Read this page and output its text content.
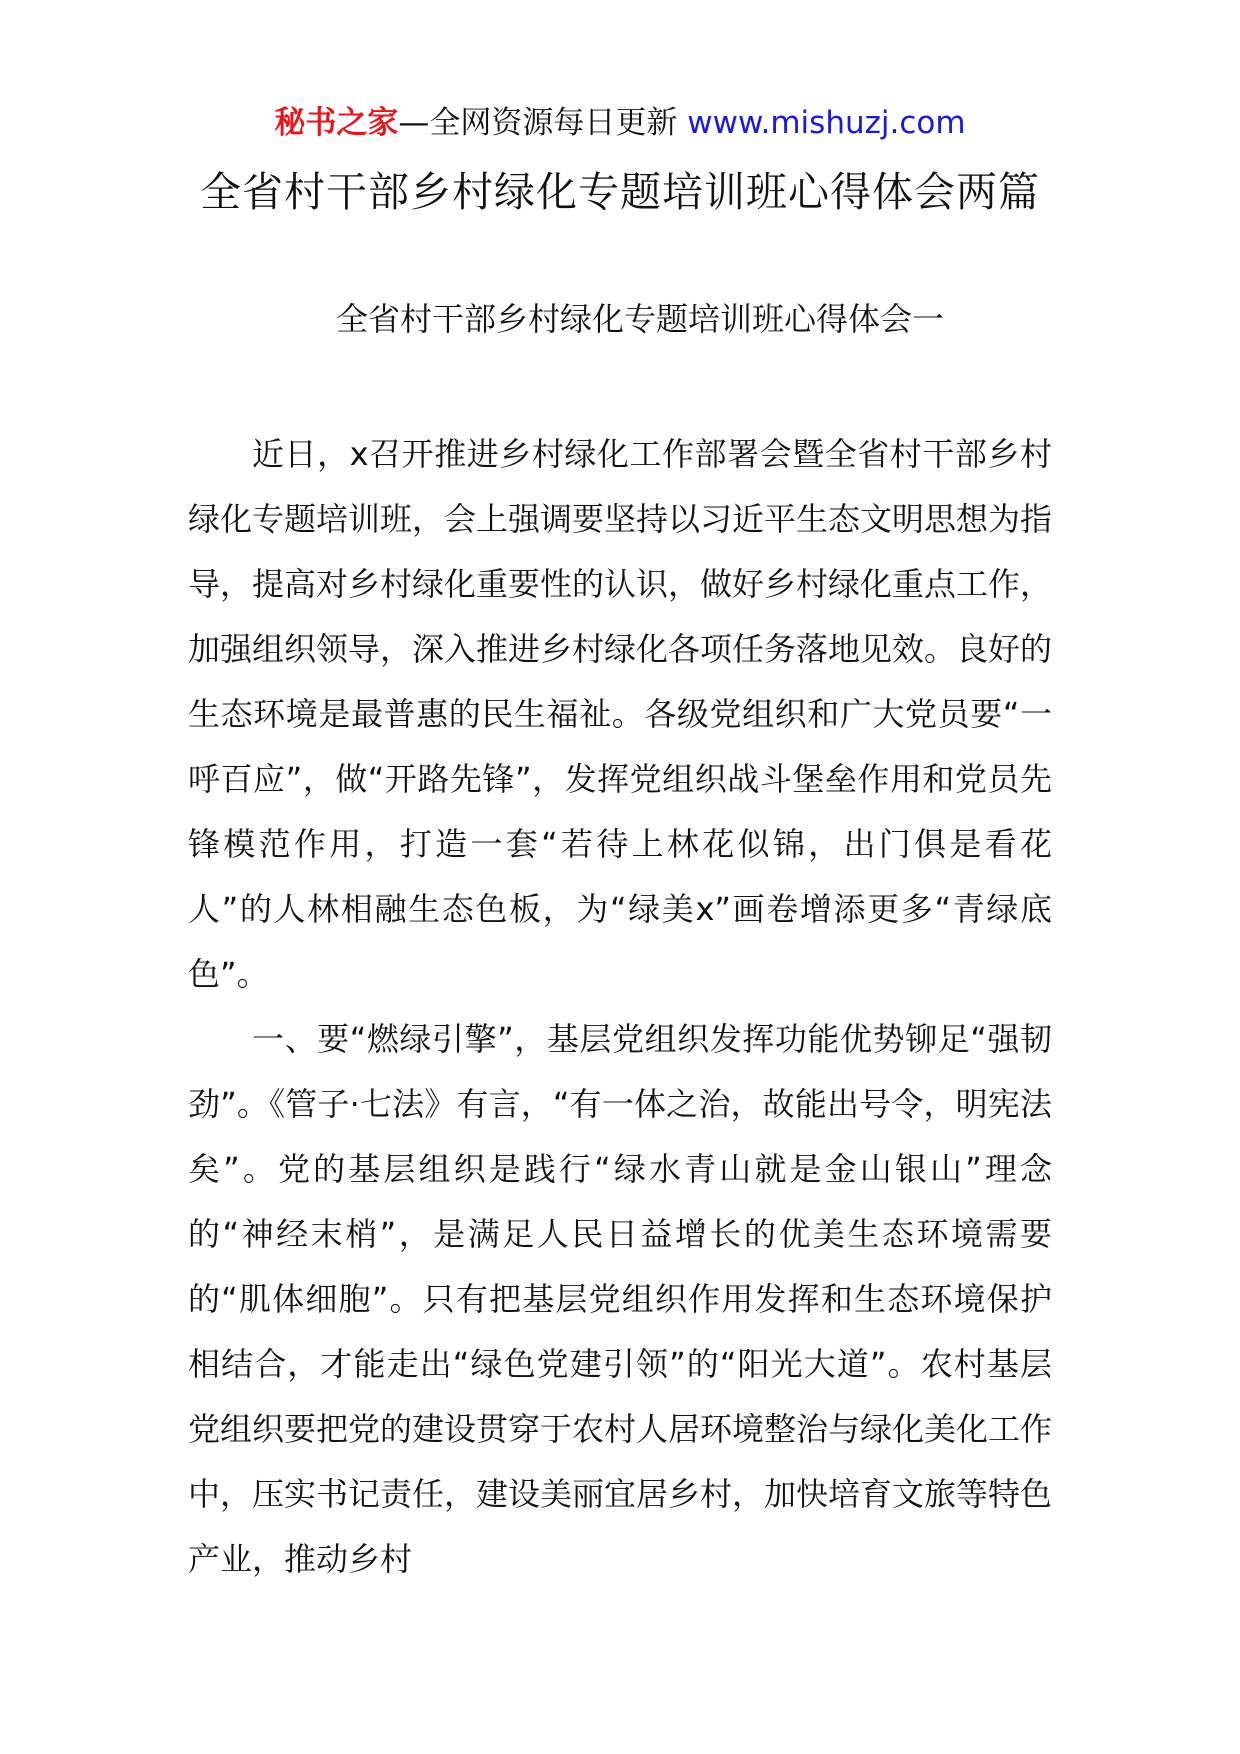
秘书之家—全网资源每日更新 www.mishuzj.com
全省村干部乡村绿化专题培训班心得体会两篇
全省村干部乡村绿化专题培训班心得体会一

近日，x召开推进乡村绿化工作部署会暨全省村干部乡村绿化专题培训班，会上强调要坚持以习近平生态文明思想为指导，提高对乡村绿化重要性的认识，做好乡村绿化重点工作，加强组织领导，深入推进乡村绿化各项任务落地见效。良好的生态环境是最普惠的民生福祉。各级党组织和广大党员要“一呼百应”，做“开路先锋”，发挥党组织战斗堡垒作用和党员先锋模范作用，打造一套“若待上林花似锦，出门俱是看花人”的人林相融生态色板，为“绿美x”画卷增添更多“青绿底色”。

一、要“燃绿引擎”，基层党组织发挥功能优势铆足“强韧劲”。《管子·七法》有言，“有一体之治，故能出号令，明宪法矣”。党的基层组织是践行“绿水青山就是金山银山”理念的“神经末梢”，是满足人民日益增长的优美生态环境需要的“肌体细胞”。只有把基层党组织作用发挥和生态环境保护相结合，才能走出“绿色党建引领”的“阳光大道”。农村基层党组织要把党的建设贯穿于农村人居环境整治与绿化美化工作中，压实书记责任，建设美丽宜居乡村，加快培育文旅等特色产业，推动乡村
